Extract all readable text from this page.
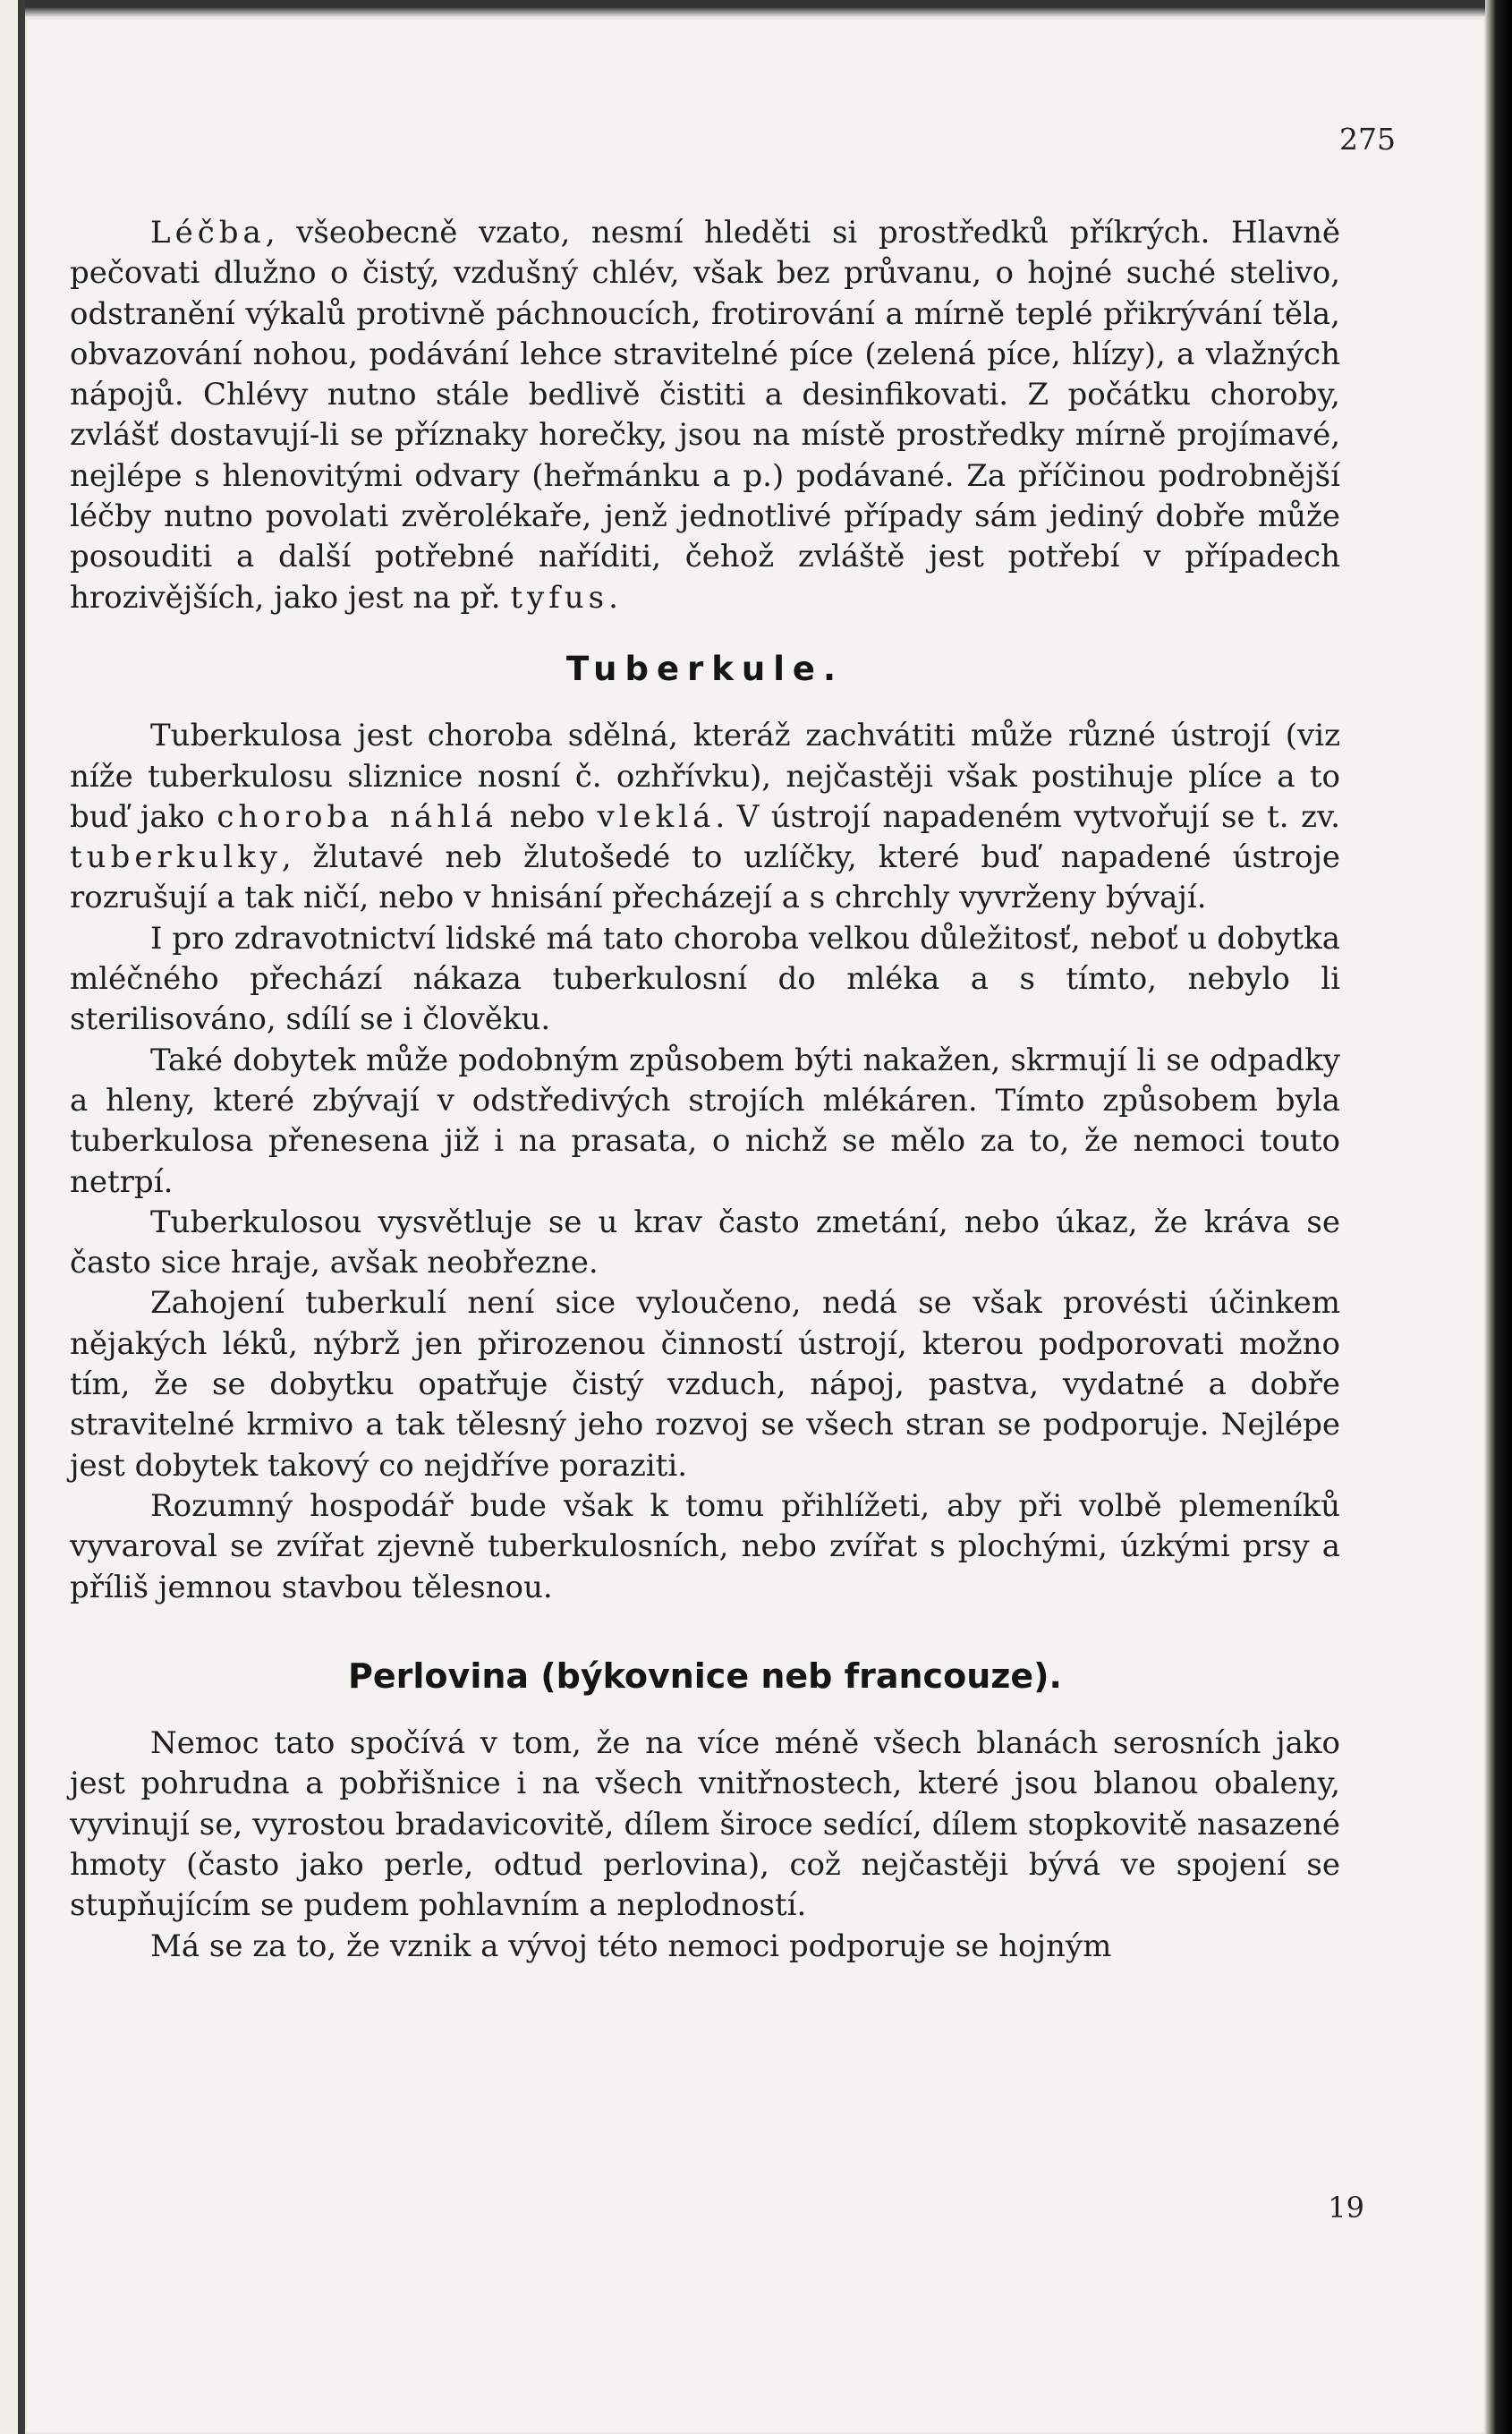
275

Léčba, všeobecně vzato, nesmí hleděti si prostředků příkrých. Hlavně pečovati dlužno o čistý, vzdušný chlév, však bez průvanu, o hojné suché stelivo, odstranění výkalů protivně páchnoucích, frotirování a mírně teplé přikrývání těla, obvazování nohou, podávání lehce stravitelné píce (zelená píce, hlízy), a vlažných nápojů. Chlévy nutno stále bedlivě čistiti a desinfikovati. Z počátku choroby, zvlášť dostavují-li se příznaky horečky, jsou na místě prostředky mírně projímavé, nejlépe s hlenovitými odvary (heřmánku a p.) podávané. Za příčinou podrobnější léčby nutno povolati zvěrolékaře, jenž jednotlivé případy sám jediný dobře může posouditi a další potřebné naříditi, čehož zvláště jest potřebí v případech hrozivějších, jako jest na př. tyfus.

Tuberkule.

Tuberkulosa jest choroba sdělná, kteráž zachvátiti může různé ústrojí (viz níže tuberkulosu sliznice nosní č. ozhřívku), nejčastěji však postihuje plíce a to buď jako choroba náhlá nebo vleklá. V ústrojí napadeném vytvořují se t. zv. tuberkulky, žlutavé neb žlutošedé to uzlíčky, které buď napadené ústroje rozrušují a tak ničí, nebo v hnisání přecházejí a s chrchly vyvrženy bývají.

I pro zdravotnictví lidské má tato choroba velkou důležitosť, neboť u dobytka mléčného přechází nákaza tuberkulosní do mléka a s tímto, nebylo li sterilisováno, sdílí se i člověku.

Také dobytek může podobným způsobem býti nakažen, skrmují li se odpadky a hleny, které zbývají v odstředivých strojích mlékáren. Tímto způsobem byla tuberkulosa přenesena již i na prasata, o nichž se mělo za to, že nemoci touto netrpí.

Tuberkulosou vysvětluje se u krav často zmetání, nebo úkaz, že kráva se často sice hraje, avšak neobřezne.

Zahojení tuberkulí není sice vyloučeno, nedá se však provésti účinkem nějakých léků, nýbrž jen přirozenou činností ústrojí, kterou podporovati možno tím, že se dobytku opatřuje čistý vzduch, nápoj, pastva, vydatné a dobře stravitelné krmivo a tak tělesný jeho rozvoj se všech stran se podporuje. Nejlépe jest dobytek takový co nejdříve poraziti.

Rozumný hospodář bude však k tomu přihlížeti, aby při volbě plemeníků vyvaroval se zvířat zjevně tuberkulosních, nebo zvířat s plochými, úzkými prsy a příliš jemnou stavbou tělesnou.

Perlovina (býkovnice neb francouze).

Nemoc tato spočívá v tom, že na více méně všech blanách serosních jako jest pohrudna a pobřišnice i na všech vnitřnostech, které jsou blanou obaleny, vyvinují se, vyrostou bradavicovitě, dílem široce sedící, dílem stopkovitě nasazené hmoty (často jako perle, odtud perlovina), což nejčastěji bývá ve spojení se stupňujícím se pudem pohlavním a neplodností.

Má se za to, že vznik a vývoj této nemoci podporuje se hojným

19
